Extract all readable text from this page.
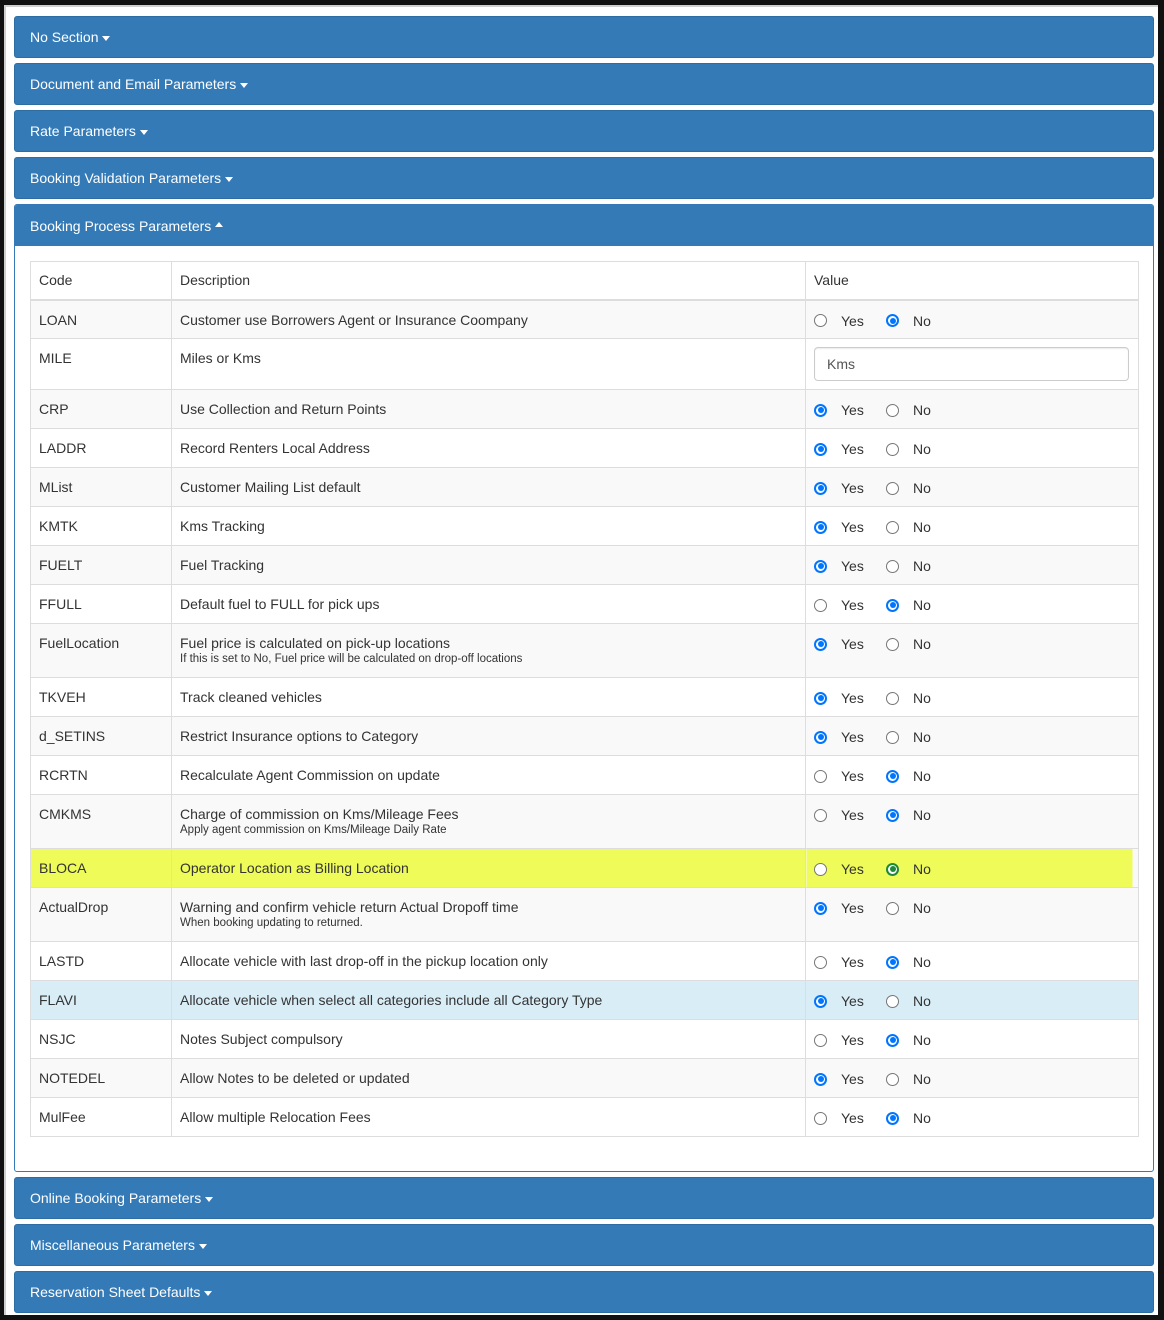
No Section
Document and Email Parameters
Rate Parameters
Booking Validation Parameters
Booking Process Parameters
Code	Description	Value
LOAN	Customer use Borrowers Agent or Insurance Coompany	Yes No

MILE	Miles or Kms	
Kms
CRP	Use Collection and Return Points	Yes No

LADDR	Record Renters Local Address	Yes No

MList	Customer Mailing List default	Yes No

KMTK	Kms Tracking	Yes No

FUELT	Fuel Tracking	Yes No

FFULL	Default fuel to FULL for pick ups	Yes No

FuelLocation	Fuel price is calculated on pick-up locations
If this is set to No, Fuel price will be calculated on drop-off locations	Yes No

TKVEH	Track cleaned vehicles	Yes No

d_SETINS	Restrict Insurance options to Category	Yes No

RCRTN	Recalculate Agent Commission on update	Yes No

CMKMS	Charge of commission on Kms/Mileage Fees
Apply agent commission on Kms/Mileage Daily Rate	Yes No

BLOCA	Operator Location as Billing Location	Yes No

ActualDrop	Warning and confirm vehicle return Actual Dropoff time
When booking updating to returned.	Yes No

LASTD	Allocate vehicle with last drop-off in the pickup location only	Yes No

FLAVI	Allocate vehicle when select all categories include all Category Type	Yes No

NSJC	Notes Subject compulsory	Yes No

NOTEDEL	Allow Notes to be deleted or updated	Yes No

MulFee	Allow multiple Relocation Fees	Yes No
Online Booking Parameters
Miscellaneous Parameters
Reservation Sheet Defaults
